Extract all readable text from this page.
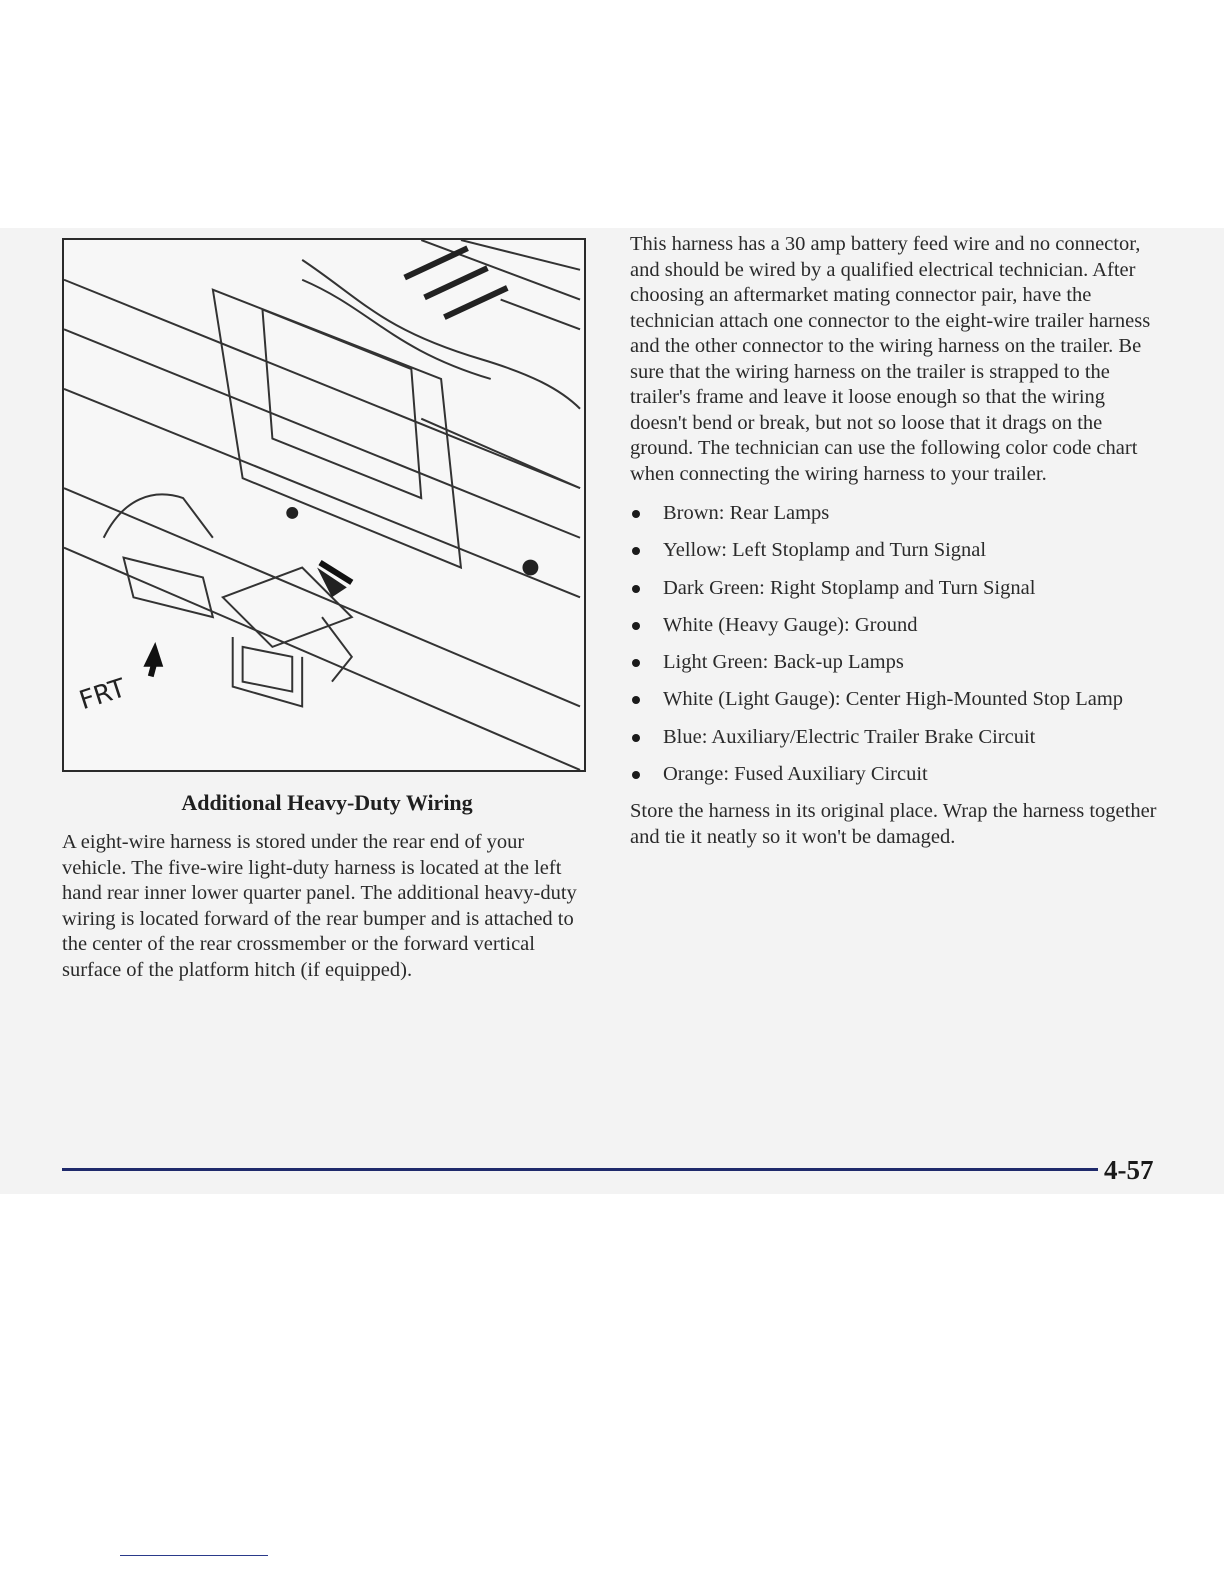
FRT
Additional Heavy-Duty Wiring

A eight-wire harness is stored under the rear end of your vehicle. The five-wire light-duty harness is located at the left hand rear inner lower quarter panel. The additional heavy-duty wiring is located forward of the rear bumper and is attached to the center of the rear crossmember or the forward vertical surface of the platform hitch (if equipped).

This harness has a 30 amp battery feed wire and no connector, and should be wired by a qualified electrical technician. After choosing an aftermarket mating connector pair, have the technician attach one connector to the eight-wire trailer harness and the other connector to the wiring harness on the trailer. Be sure that the wiring harness on the trailer is strapped to the trailer's frame and leave it loose enough so that the wiring doesn't bend or break, but not so loose that it drags on the ground. The technician can use the following color code chart when connecting the wiring harness to your trailer.

Brown: Rear Lamps
Yellow: Left Stoplamp and Turn Signal
Dark Green: Right Stoplamp and Turn Signal
White (Heavy Gauge): Ground
Light Green: Back-up Lamps
White (Light Gauge): Center High-Mounted Stop Lamp
Blue: Auxiliary/Electric Trailer Brake Circuit
Orange: Fused Auxiliary Circuit

Store the harness in its original place. Wrap the harness together and tie it neatly so it won't be damaged.

4-57
